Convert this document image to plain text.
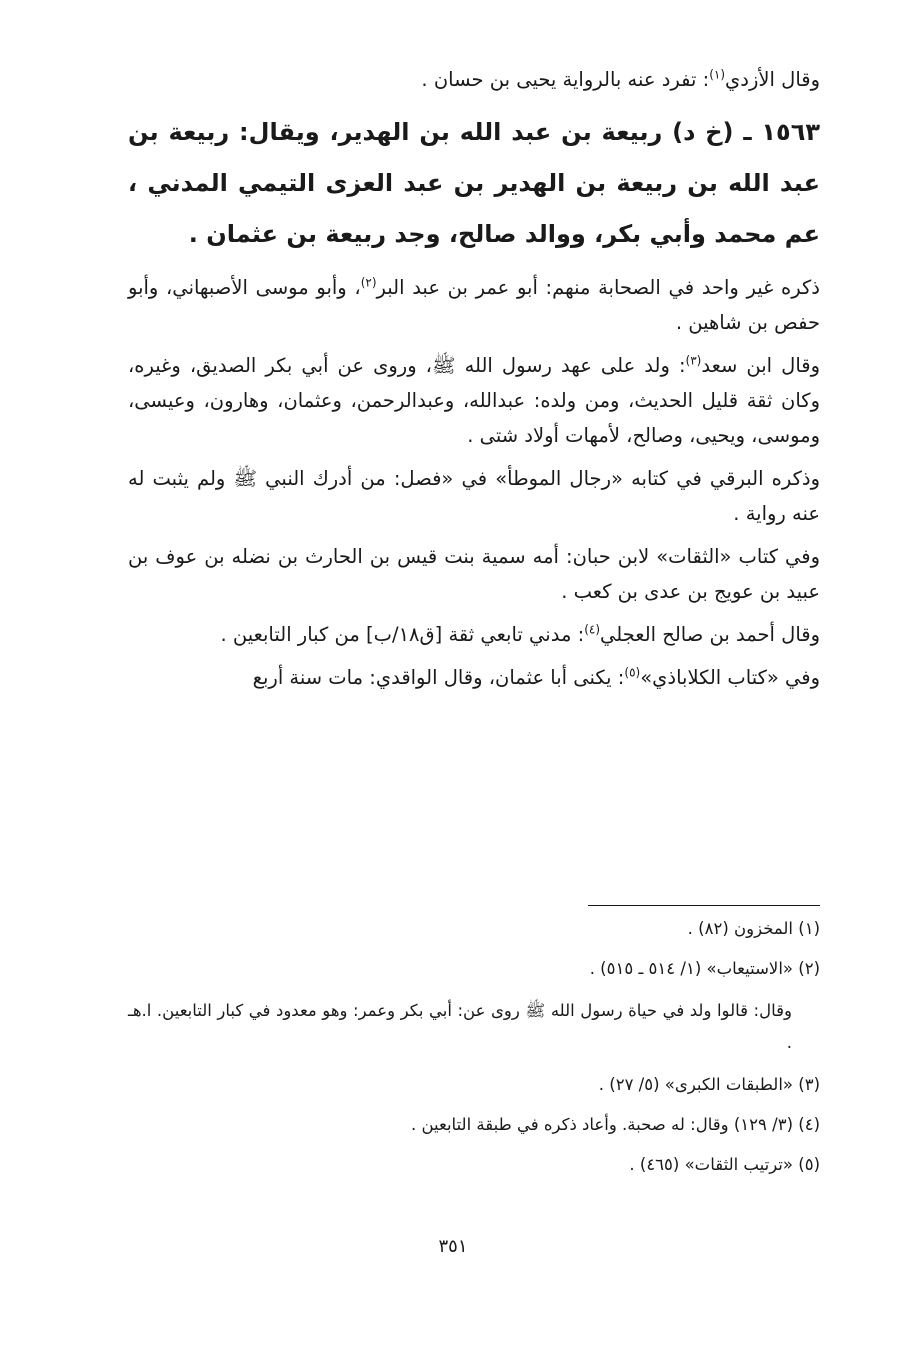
وقال الأزدي$^{(١)}$: تفرد عنه بالرواية يحيى بن حسان .

١٥٦٣ ـ (خ د) ربيعة بن عبد الله بن الهدير، ويقال: ربيعة بن عبد الله بن ربيعة بن الهدير بن عبد العزى التيمي المدني ، عم محمد وأبي بكر، ووالد صالح، وجد ربيعة بن عثمان .

ذكره غير واحد في الصحابة منهم: أبو عمر بن عبد البر$^{(٢)}$، وأبو موسى الأصبهاني، وأبو حفص بن شاهين .

وقال ابن سعد$^{(٣)}$: ولد على عهد رسول الله ﷺ، وروى عن أبي بكر الصديق، وغيره، وكان ثقة قليل الحديث، ومن ولده: عبدالله، وعبدالرحمن، وعثمان، وهارون، وعيسى، وموسى، ويحيى، وصالح، لأمهات أولاد شتى .

وذكره البرقي في كتابه «رجال الموطأ» في «فصل: من أدرك النبي ﷺ ولم يثبت له عنه رواية .

وفي كتاب «الثقات» لابن حبان: أمه سمية بنت قيس بن الحارث بن نضله بن عوف بن عبيد بن عويج بن عدى بن كعب .

وقال أحمد بن صالح العجلي$^{(٤)}$: مدني تابعي ثقة [ق١٨/ب] من كبار التابعين .

وفي «كتاب الكلاباذي»$^{(٥)}$: يكنى أبا عثمان، وقال الواقدي: مات سنة أربع

(١) المخزون (٨٢) .

(٢) «الاستيعاب» (١/ ٥١٤ ـ ٥١٥) .

وقال: قالوا ولد في حياة رسول الله ﷺ روى عن: أبي بكر وعمر: وهو معدود في كبار التابعين. ا.هـ .

(٣) «الطبقات الكبرى» (٥/ ٢٧) .

(٤) (٣/ ١٢٩) وقال: له صحبة. وأعاد ذكره في طبقة التابعين .

(٥) «ترتيب الثقات» (٤٦٥) .

٣٥١
